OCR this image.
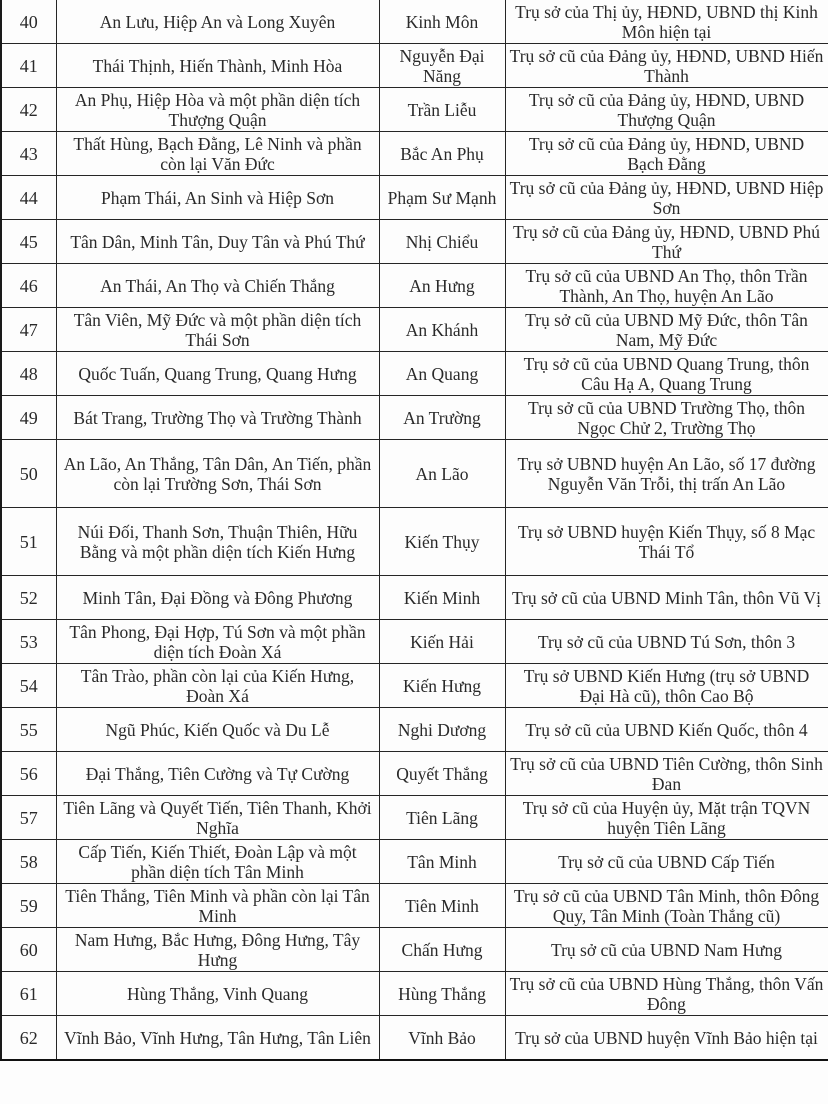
40	An Lưu, Hiệp An và Long Xuyên	Kinh Môn	Trụ sở của Thị ủy, HĐND, UBND thị Kinh Môn hiện tại
41	Thái Thịnh, Hiến Thành, Minh Hòa	Nguyễn Đại Năng	Trụ sở cũ của Đảng ủy, HĐND, UBND Hiến Thành
42	An Phụ, Hiệp Hòa và một phần diện tích Thượng Quận	Trần Liễu	Trụ sở cũ của Đảng ủy, HĐND, UBND Thượng Quận
43	Thất Hùng, Bạch Đằng, Lê Ninh và phần còn lại Văn Đức	Bắc An Phụ	Trụ sở cũ của Đảng ủy, HĐND, UBND Bạch Đằng
44	Phạm Thái, An Sinh và Hiệp Sơn	Phạm Sư Mạnh	Trụ sở cũ của Đảng ủy, HĐND, UBND Hiệp Sơn
45	Tân Dân, Minh Tân, Duy Tân và Phú Thứ	Nhị Chiểu	Trụ sở cũ của Đảng ủy, HĐND, UBND Phú Thứ
46	An Thái, An Thọ và Chiến Thắng	An Hưng	Trụ sở cũ của UBND An Thọ, thôn Trần Thành, An Thọ, huyện An Lão
47	Tân Viên, Mỹ Đức và một phần diện tích Thái Sơn	An Khánh	Trụ sở cũ của UBND Mỹ Đức, thôn Tân Nam, Mỹ Đức
48	Quốc Tuấn, Quang Trung, Quang Hưng	An Quang	Trụ sở cũ của UBND Quang Trung, thôn Câu Hạ A, Quang Trung
49	Bát Trang, Trường Thọ và Trường Thành	An Trường	Trụ sở cũ của UBND Trường Thọ, thôn Ngọc Chử 2, Trường Thọ
50	An Lão, An Thắng, Tân Dân, An Tiến, phần còn lại Trường Sơn, Thái Sơn	An Lão	Trụ sở UBND huyện An Lão, số 17 đường Nguyễn Văn Trỗi, thị trấn An Lão
51	Núi Đối, Thanh Sơn, Thuận Thiên, Hữu Bằng và một phần diện tích Kiến Hưng	Kiến Thụy	Trụ sở UBND huyện Kiến Thụy, số 8 Mạc Thái Tổ
52	Minh Tân, Đại Đồng và Đông Phương	Kiến Minh	Trụ sở cũ của UBND Minh Tân, thôn Vũ Vị
53	Tân Phong, Đại Hợp, Tú Sơn và một phần diện tích Đoàn Xá	Kiến Hải	Trụ sở cũ của UBND Tú Sơn, thôn 3
54	Tân Trào, phần còn lại của Kiến Hưng, Đoàn Xá	Kiến Hưng	Trụ sở UBND Kiến Hưng (trụ sở UBND Đại Hà cũ), thôn Cao Bộ
55	Ngũ Phúc, Kiến Quốc và Du Lễ	Nghi Dương	Trụ sở cũ của UBND Kiến Quốc, thôn 4
56	Đại Thắng, Tiên Cường và Tự Cường	Quyết Thắng	Trụ sở cũ của UBND Tiên Cường, thôn Sinh Đan
57	Tiên Lãng và Quyết Tiến, Tiên Thanh, Khởi Nghĩa	Tiên Lãng	Trụ sở cũ của Huyện ủy, Mặt trận TQVN huyện Tiên Lãng
58	Cấp Tiến, Kiến Thiết, Đoàn Lập và một phần diện tích Tân Minh	Tân Minh	Trụ sở cũ của UBND Cấp Tiến
59	Tiên Thắng, Tiên Minh và phần còn lại Tân Minh	Tiên Minh	Trụ sở cũ của UBND Tân Minh, thôn Đông Quy, Tân Minh (Toàn Thắng cũ)
60	Nam Hưng, Bắc Hưng, Đông Hưng, Tây Hưng	Chấn Hưng	Trụ sở cũ của UBND Nam Hưng
61	Hùng Thắng, Vinh Quang	Hùng Thắng	Trụ sở cũ của UBND Hùng Thắng, thôn Vấn Đông
62	Vĩnh Bảo, Vĩnh Hưng, Tân Hưng, Tân Liên	Vĩnh Bảo	Trụ sở của UBND huyện Vĩnh Bảo hiện tại
